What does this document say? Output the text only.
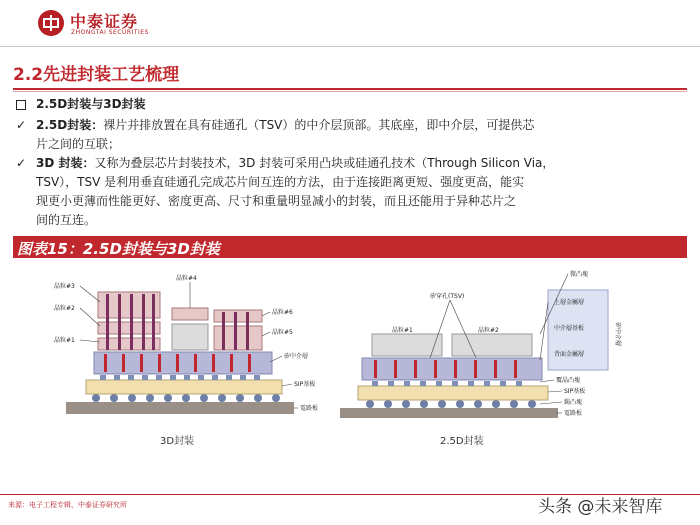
中泰证券
ZHONGTAI SECURITIES
2.2先进封装工艺梳理
2.5D封装与3D封装
✓ 2.5D封装：裸片并排放置在具有硅通孔（TSV）的中介层顶部。其底座，即中介层，可提供芯
片之间的互联；
✓ 3D 封装：又称为叠层芯片封装技术，3D 封装可采用凸块或硅通孔技术（Through Silicon Via，
TSV），TSV 是利用垂直硅通孔完成芯片间互连的方法，由于连接距离更短、强度更高，能实
现更小更薄而性能更好、密度更高、尺寸和重量明显减小的封装，而且还能用于异种芯片之
间的互连。
图表15：2.5D封装与3D封装
晶粒#3
晶粒#2
晶粒#1
晶粒#4
晶粒#6
晶粒#5
矽中介層
SIP基板
電路板
晶粒#1	晶粒#2
矽穿孔(TSV)
微凸塊
上層金屬層
中介層基板
背面金屬層
矽中介層
覆晶凸塊
SIP基板
錫凸塊
電路板
3D封装	2.5D封装
来源：电子工程专辑，中泰证券研究所	头条 @未来智库
